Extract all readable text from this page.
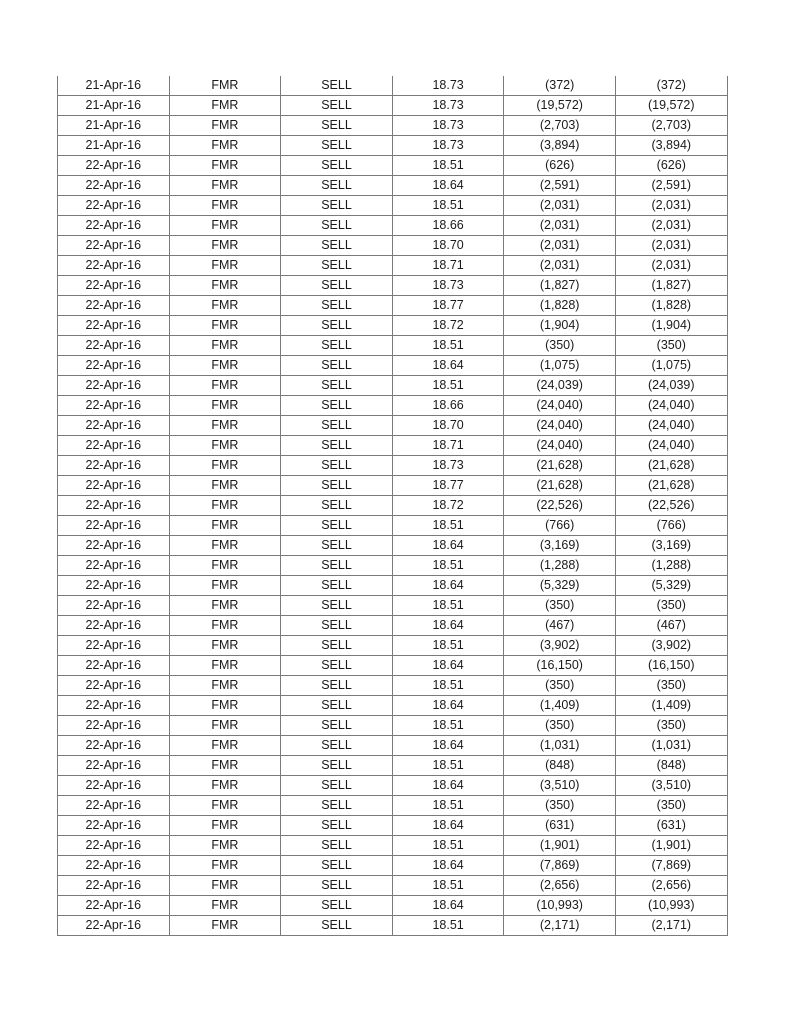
21-Apr-16	FMR	SELL	18.73	(372)	(372)
21-Apr-16	FMR	SELL	18.73	(19,572)	(19,572)
21-Apr-16	FMR	SELL	18.73	(2,703)	(2,703)
21-Apr-16	FMR	SELL	18.73	(3,894)	(3,894)
22-Apr-16	FMR	SELL	18.51	(626)	(626)
22-Apr-16	FMR	SELL	18.64	(2,591)	(2,591)
22-Apr-16	FMR	SELL	18.51	(2,031)	(2,031)
22-Apr-16	FMR	SELL	18.66	(2,031)	(2,031)
22-Apr-16	FMR	SELL	18.70	(2,031)	(2,031)
22-Apr-16	FMR	SELL	18.71	(2,031)	(2,031)
22-Apr-16	FMR	SELL	18.73	(1,827)	(1,827)
22-Apr-16	FMR	SELL	18.77	(1,828)	(1,828)
22-Apr-16	FMR	SELL	18.72	(1,904)	(1,904)
22-Apr-16	FMR	SELL	18.51	(350)	(350)
22-Apr-16	FMR	SELL	18.64	(1,075)	(1,075)
22-Apr-16	FMR	SELL	18.51	(24,039)	(24,039)
22-Apr-16	FMR	SELL	18.66	(24,040)	(24,040)
22-Apr-16	FMR	SELL	18.70	(24,040)	(24,040)
22-Apr-16	FMR	SELL	18.71	(24,040)	(24,040)
22-Apr-16	FMR	SELL	18.73	(21,628)	(21,628)
22-Apr-16	FMR	SELL	18.77	(21,628)	(21,628)
22-Apr-16	FMR	SELL	18.72	(22,526)	(22,526)
22-Apr-16	FMR	SELL	18.51	(766)	(766)
22-Apr-16	FMR	SELL	18.64	(3,169)	(3,169)
22-Apr-16	FMR	SELL	18.51	(1,288)	(1,288)
22-Apr-16	FMR	SELL	18.64	(5,329)	(5,329)
22-Apr-16	FMR	SELL	18.51	(350)	(350)
22-Apr-16	FMR	SELL	18.64	(467)	(467)
22-Apr-16	FMR	SELL	18.51	(3,902)	(3,902)
22-Apr-16	FMR	SELL	18.64	(16,150)	(16,150)
22-Apr-16	FMR	SELL	18.51	(350)	(350)
22-Apr-16	FMR	SELL	18.64	(1,409)	(1,409)
22-Apr-16	FMR	SELL	18.51	(350)	(350)
22-Apr-16	FMR	SELL	18.64	(1,031)	(1,031)
22-Apr-16	FMR	SELL	18.51	(848)	(848)
22-Apr-16	FMR	SELL	18.64	(3,510)	(3,510)
22-Apr-16	FMR	SELL	18.51	(350)	(350)
22-Apr-16	FMR	SELL	18.64	(631)	(631)
22-Apr-16	FMR	SELL	18.51	(1,901)	(1,901)
22-Apr-16	FMR	SELL	18.64	(7,869)	(7,869)
22-Apr-16	FMR	SELL	18.51	(2,656)	(2,656)
22-Apr-16	FMR	SELL	18.64	(10,993)	(10,993)
22-Apr-16	FMR	SELL	18.51	(2,171)	(2,171)
